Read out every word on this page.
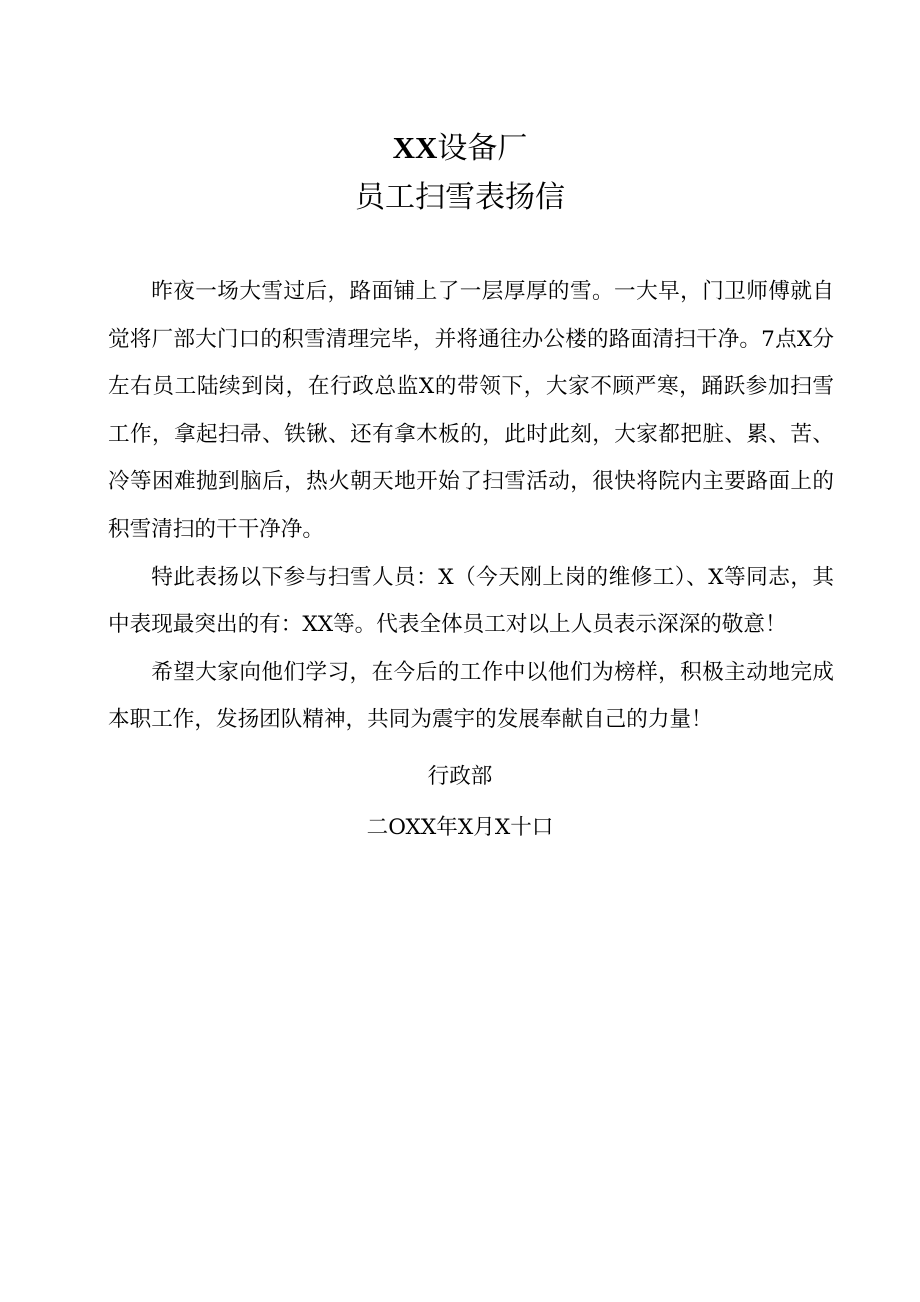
XX设备厂
员工扫雪表扬信

昨夜一场大雪过后，路面铺上了一层厚厚的雪。一大早，门卫师傅就自觉将厂部大门口的积雪清理完毕，并将通往办公楼的路面清扫干净。7点X分左右员工陆续到岗，在行政总监X的带领下，大家不顾严寒，踊跃参加扫雪工作，拿起扫帚、铁锹、还有拿木板的，此时此刻，大家都把脏、累、苦、冷等困难抛到脑后，热火朝天地开始了扫雪活动，很快将院内主要路面上的积雪清扫的干干净净。

特此表扬以下参与扫雪人员：X（今天刚上岗的维修工）、X等同志，其中表现最突出的有：XX等。代表全体员工对以上人员表示深深的敬意！

希望大家向他们学习，在今后的工作中以他们为榜样，积极主动地完成本职工作，发扬团队精神，共同为震宇的发展奉献自己的力量！

行政部
二OXX年X月X十口
